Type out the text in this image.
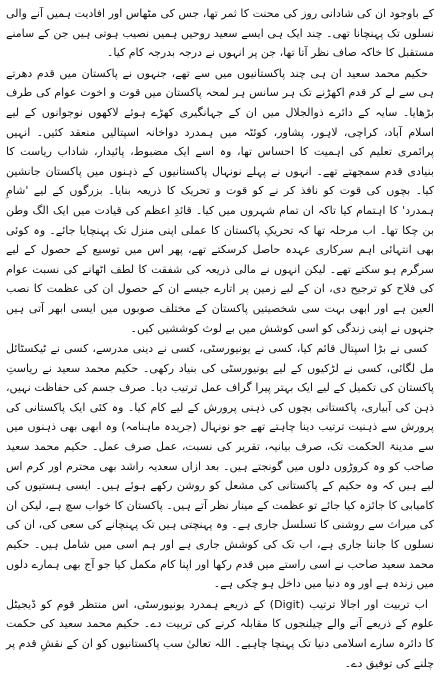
کے باوجود ان کی شادانی روز کی محنت کا ثمر تھا، جس کی مٹھاس اور افادیت ہمیں آنے والی نسلوں تک پہنچانا تھی۔ چند ایک ہی ایسے سعید روحیں ہمیں نصیب ہوتی ہیں جن کے سامنے مستقبل کا خاکہ صاف نظر آتا تھا، جن پر انہوں نے درجہ بدرجہ کام کیا۔

حکیم محمد سعید ان ہی چند پاکستانیوں میں سے تھے، جنہوں نے پاکستان میں قدم دھرتے ہی سے لے کر قدم اکھڑنے تک ہر سانس ہر لمحہ پاکستان میں قوت و اخوت عوام کی طرف بڑھایا۔ سایہ کے دائرے ذوالجلال میں ان کے جہانگیری کھڑے ہوئے لاکھوں نوجوانوں کے لیے اسلام آباد، کراچی، لاہور، پشاور، کوئٹہ میں ہمدرد دواخانہ اسپتالیں منعقد کئیں۔ انہیں پرائمری تعلیم کی اہمیت کا احساس تھا، وہ اسے ایک مضبوط، پائیدار، شاداب ریاست کا بنیادی قدم سمجھتے تھے۔ انہوں نے پہلے نونہال پاکستانیوں کے ذہنوں میں پاکستان جانشین کیا۔ بچوں کی قوت کو نافذ کر نے کو قوت و تحریک کا ذریعہ بنایا۔ بزرگوں کے لیے 'شامِ ہمدرد' کا اہتمام کیا تاکہ ان تمام شہروں میں کیا۔ قائدِ اعظم کی قیادت میں ایک الگ وطن بن چکا تھا۔ اب مرحلہ تھا کہ تحریکِ پاکستان کا عملی اپنی منزل تک پہنچایا جائے۔ وہ کوئی بھی انتہائی اہم سرکاری عہدہ حاصل کرسکتے تھے، پھر اس میں توسیع کے حصول کے لیے سرگرم ہو سکتے تھے۔ لیکن انہوں نے مالی ذریعہ کی شفقت کا لطف اٹھانے کی نسبت عوام کی فلاح کو ترجیح دی، ان کے لیے زمین پر اتارے جیسے ان کے حصول ان کی عظمت کا نصب العین ہے اور ابھی بہت سی شخصیتیں پاکستان کے مختلف صوبوں میں ایسی ابھر آتی ہیں جنہوں نے اپنی زندگی کو اسی کوشش میں بے لوث کوششیں کیں۔

کسی نے بڑا اسپتال قائم کیا، کسی نے یونیورسٹی، کسی نے دینی مدرسے، کسی نے ٹیکسٹائل مل لگائی، کسی نے لڑکیوں کے لیے یونیورسٹی کی بنیاد رکھی۔ حکیم محمد سعید نے ریاستِ پاکستان کی تکمیل کے لیے ایک بہتر پیرا گراف عمل ترتیب دیا۔ صرف جسم کی حفاظت نہیں، ذہن کی آبیاری، پاکستانی بچوں کی ذہنی پرورش کے لیے کام کیا۔ وہ کئی ایک پاکستانی کی پرورش سے ذہنیت ترتیب دینا چاہتے تھے جو نونہال (جریدہ ماہنامہ) وہ ابھی بھی ذہنوں میں سے مدینۃ الحکمت تک، صرف بیانیہ، تقریر کی نسبت، عمل صرف عمل۔ حکیم محمد سعید صاحب کو وہ کروڑوں دلوں میں گونجتے ہیں۔ بعد ازاں سعدیہ راشد بھی محترم اور کرم اس لیے ہیں کہ وہ حکیم کے پاکستانی کی مشعل کو روشن رکھے ہوئے ہیں۔ ایسی ہستیوں کی کامیابی کا جائزہ کیا جائے تو عظمت کے مینار نظر آتے ہیں۔ پاکستان کا خواب سچ ہے، لیکن ان کی میراث سے روشنی کا تسلسل جاری ہے۔ وہ پہنچتی ہیں تک پہنچانے کی سعی کی، ان کی نسلوں کا جاننا جاری ہے، اب تک کی کوشش جاری ہے اور ہم اسی میں شامل ہیں۔ حکیم محمد سعید صاحب نے اسی راستے میں قدم رکھا اور اپنا کام مکمل کیا جو آج بھی ہمارے دلوں میں زندہ ہے اور وہ دنیا میں داخل ہو چکی ہے۔

اب تربیت اور اجالا ترتیب (Digit) کے ذریعے ہمدرد یونیورسٹی، اس منتظر قوم کو ڈیجیٹل علوم کے ذریعے آنے والے چیلنجوں کا مقابلہ کرنے کی تربیت دے۔ حکیم محمد سعید کی حکمت کا دائرہ سارے اسلامی دنیا تک پہنچا چاہیے۔ اللہ تعالیٰ سب پاکستانیوں کو ان کے نقشِ قدم پر چلنے کی توفیق دے۔
